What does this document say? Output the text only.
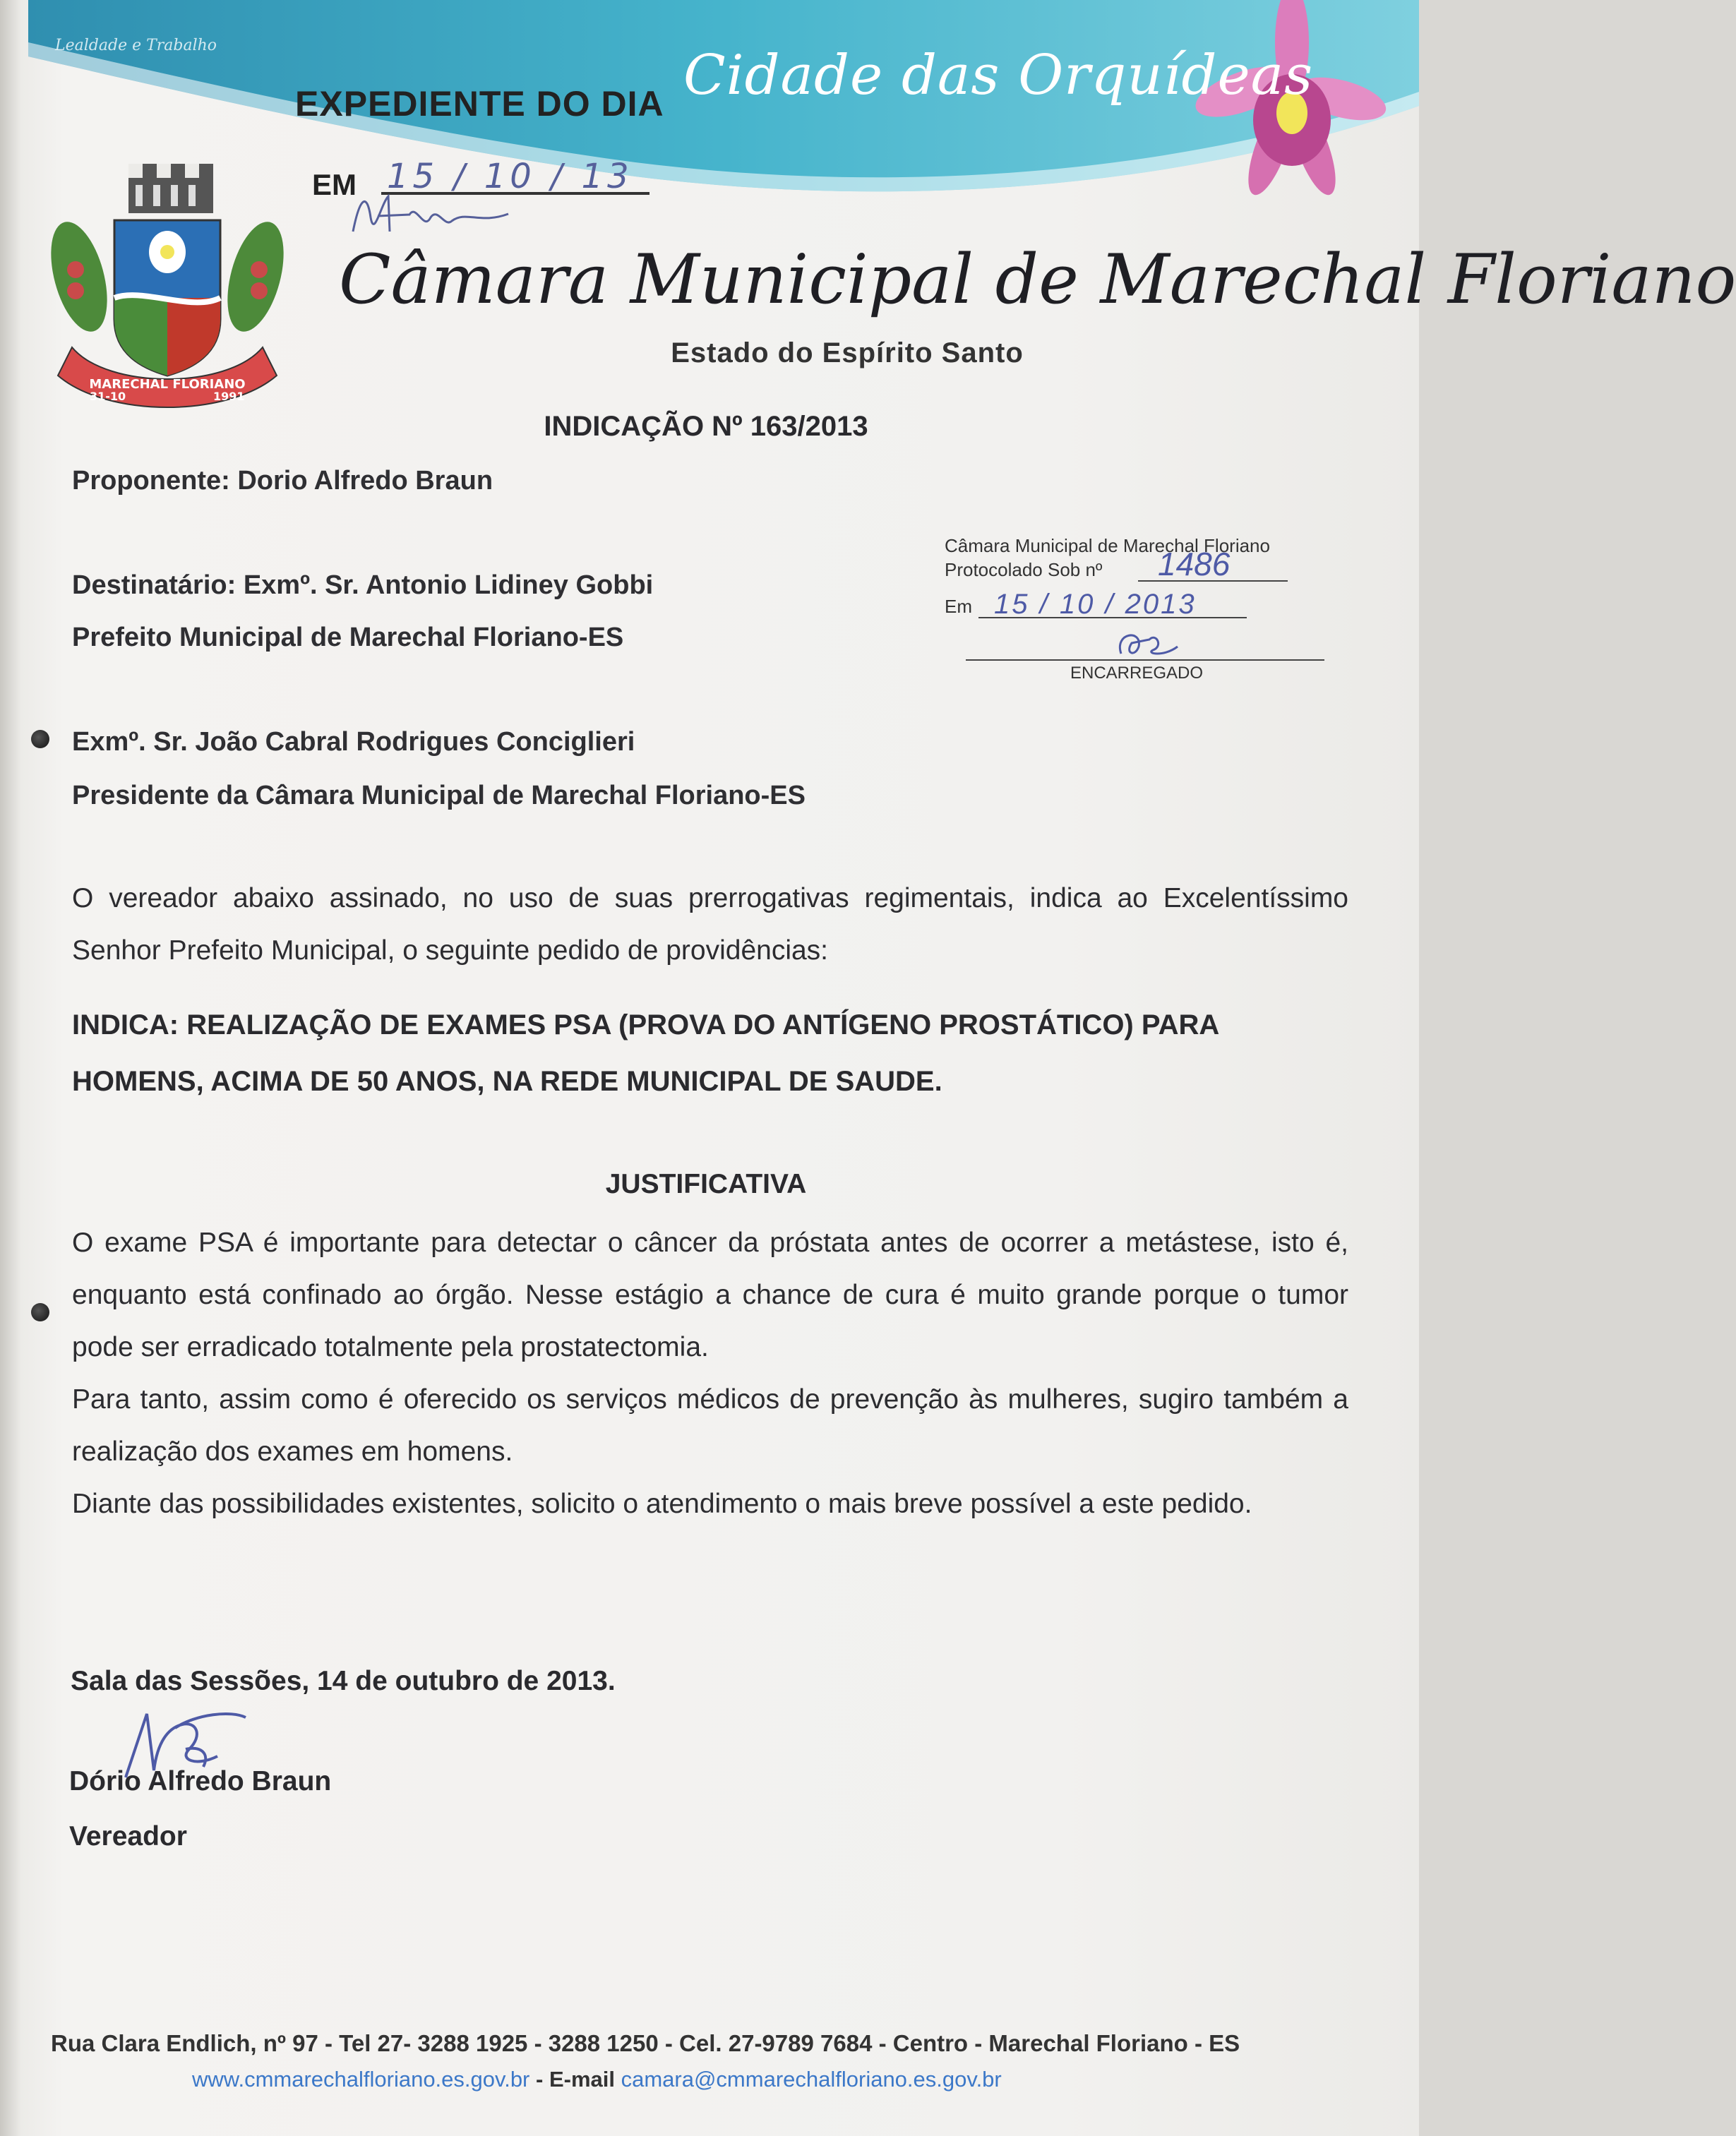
Lealdade e Trabalho	Cidade das Orquídeas
EXPEDIENTE DO DIA
EM 15 / 10 / 13
MARECHAL FLORIANO
31-10	1991
Câmara Municipal de Marechal Floriano
Estado do Espírito Santo
INDICAÇÃO Nº 163/2013
Proponente: Dorio Alfredo Braun
Destinatário: Exmº. Sr. Antonio Lidiney Gobbi
Prefeito Municipal de Marechal Floriano-ES
Exmº. Sr. João Cabral Rodrigues Conciglieri
Presidente da Câmara Municipal de Marechal Floriano-ES
Câmara Municipal de Marechal Floriano
Protocolado Sob nº 1486
Em 15 / 10 / 2013
ENCARREGADO

O vereador abaixo assinado, no uso de suas prerrogativas regimentais, indica ao Excelentíssimo Senhor Prefeito Municipal, o seguinte pedido de providências:

INDICA: REALIZAÇÃO DE EXAMES PSA (PROVA DO ANTÍGENO PROSTÁTICO) PARA HOMENS, ACIMA DE 50 ANOS, NA REDE MUNICIPAL DE SAUDE.
JUSTIFICATIVA

O exame PSA é importante para detectar o câncer da próstata antes de ocorrer a metástese, isto é, enquanto está confinado ao órgão. Nesse estágio a chance de cura é muito grande porque o tumor pode ser erradicado totalmente pela prostatectomia.

Para tanto, assim como é oferecido os serviços médicos de prevenção às mulheres, sugiro também a realização dos exames em homens.

Diante das possibilidades existentes, solicito o atendimento o mais breve possível a este pedido.

Sala das Sessões, 14 de outubro de 2013.
Dório Alfredo Braun
Vereador
Rua Clara Endlich, nº 97 - Tel 27- 3288 1925 - 3288 1250 - Cel. 27-9789 7684 - Centro - Marechal Floriano - ES
www.cmmarechalfloriano.es.gov.br - E-mail camara@cmmarechalfloriano.es.gov.br
